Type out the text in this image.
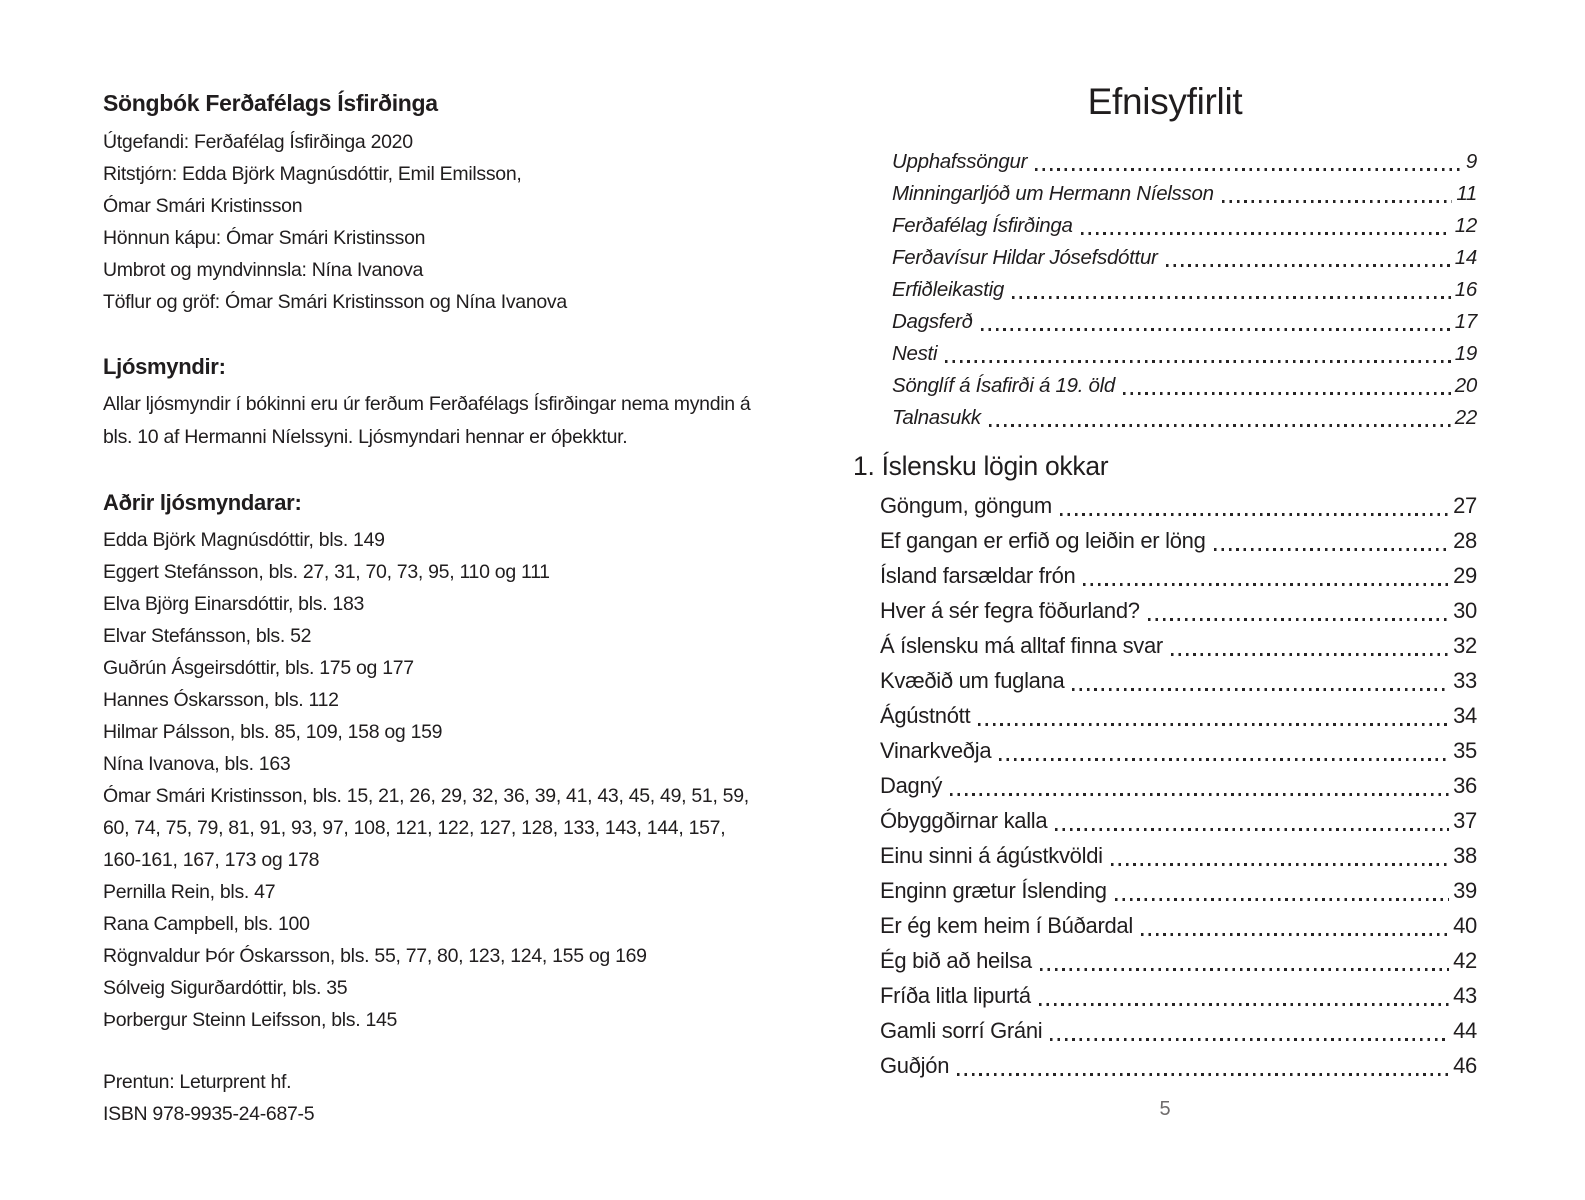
Söngbók Ferðafélags Ísfirðinga

Útgefandi: Ferðafélag Ísfirðinga 2020

Ritstjórn: Edda Björk Magnúsdóttir, Emil Emilsson,

Ómar Smári Kristinsson

Hönnun kápu: Ómar Smári Kristinsson

Umbrot og myndvinnsla: Nína Ivanova

Töflur og gröf: Ómar Smári Kristinsson og Nína Ivanova

Ljósmyndir:

Allar ljósmyndir í bókinni eru úr ferðum Ferðafélags Ísfirðingar nema myndin á bls. 10 af Hermanni Níelssyni. Ljósmyndari hennar er óþekktur.

Aðrir ljósmyndarar:

Edda Björk Magnúsdóttir, bls. 149

Eggert Stefánsson, bls. 27, 31, 70, 73, 95, 110 og 111

Elva Björg Einarsdóttir, bls. 183

Elvar Stefánsson, bls. 52

Guðrún Ásgeirsdóttir, bls. 175 og 177

Hannes Óskarsson, bls. 112

Hilmar Pálsson, bls. 85, 109, 158 og 159

Nína Ivanova, bls. 163

Ómar Smári Kristinsson, bls. 15, 21, 26, 29, 32, 36, 39, 41, 43, 45, 49, 51, 59, 60, 74, 75, 79, 81, 91, 93, 97, 108, 121, 122, 127, 128, 133, 143, 144, 157, 160-161, 167, 173 og 178

Pernilla Rein, bls. 47

Rana Campbell, bls. 100

Rögnvaldur Þór Óskarsson, bls. 55, 77, 80, 123, 124, 155 og 169

Sólveig Sigurðardóttir, bls. 35

Þorbergur Steinn Leifsson, bls. 145

Prentun: Leturprent hf.

ISBN 978-9935-24-687-5

Efnisyfirlit
Upphafssöngur	9
Minningarljóð um Hermann Níelsson	11
Ferðafélag Ísfirðinga	12
Ferðavísur Hildar Jósefsdóttur	14
Erfiðleikastig	16
Dagsferð	17
Nesti	19
Sönglíf á Ísafirði á 19. öld	20
Talnasukk	22
1. Íslensku lögin okkar
Göngum, göngum	27
Ef gangan er erfið og leiðin er löng	28
Ísland farsældar frón	29
Hver á sér fegra föðurland?	30
Á íslensku má alltaf finna svar	32
Kvæðið um fuglana	33
Ágústnótt	34
Vinarkveðja	35
Dagný	36
Óbyggðirnar kalla	37
Einu sinni á ágústkvöldi	38
Enginn grætur Íslending	39
Er ég kem heim í Búðardal	40
Ég bið að heilsa	42
Fríða litla lipurtá	43
Gamli sorrí Gráni	44
Guðjón	46
5
